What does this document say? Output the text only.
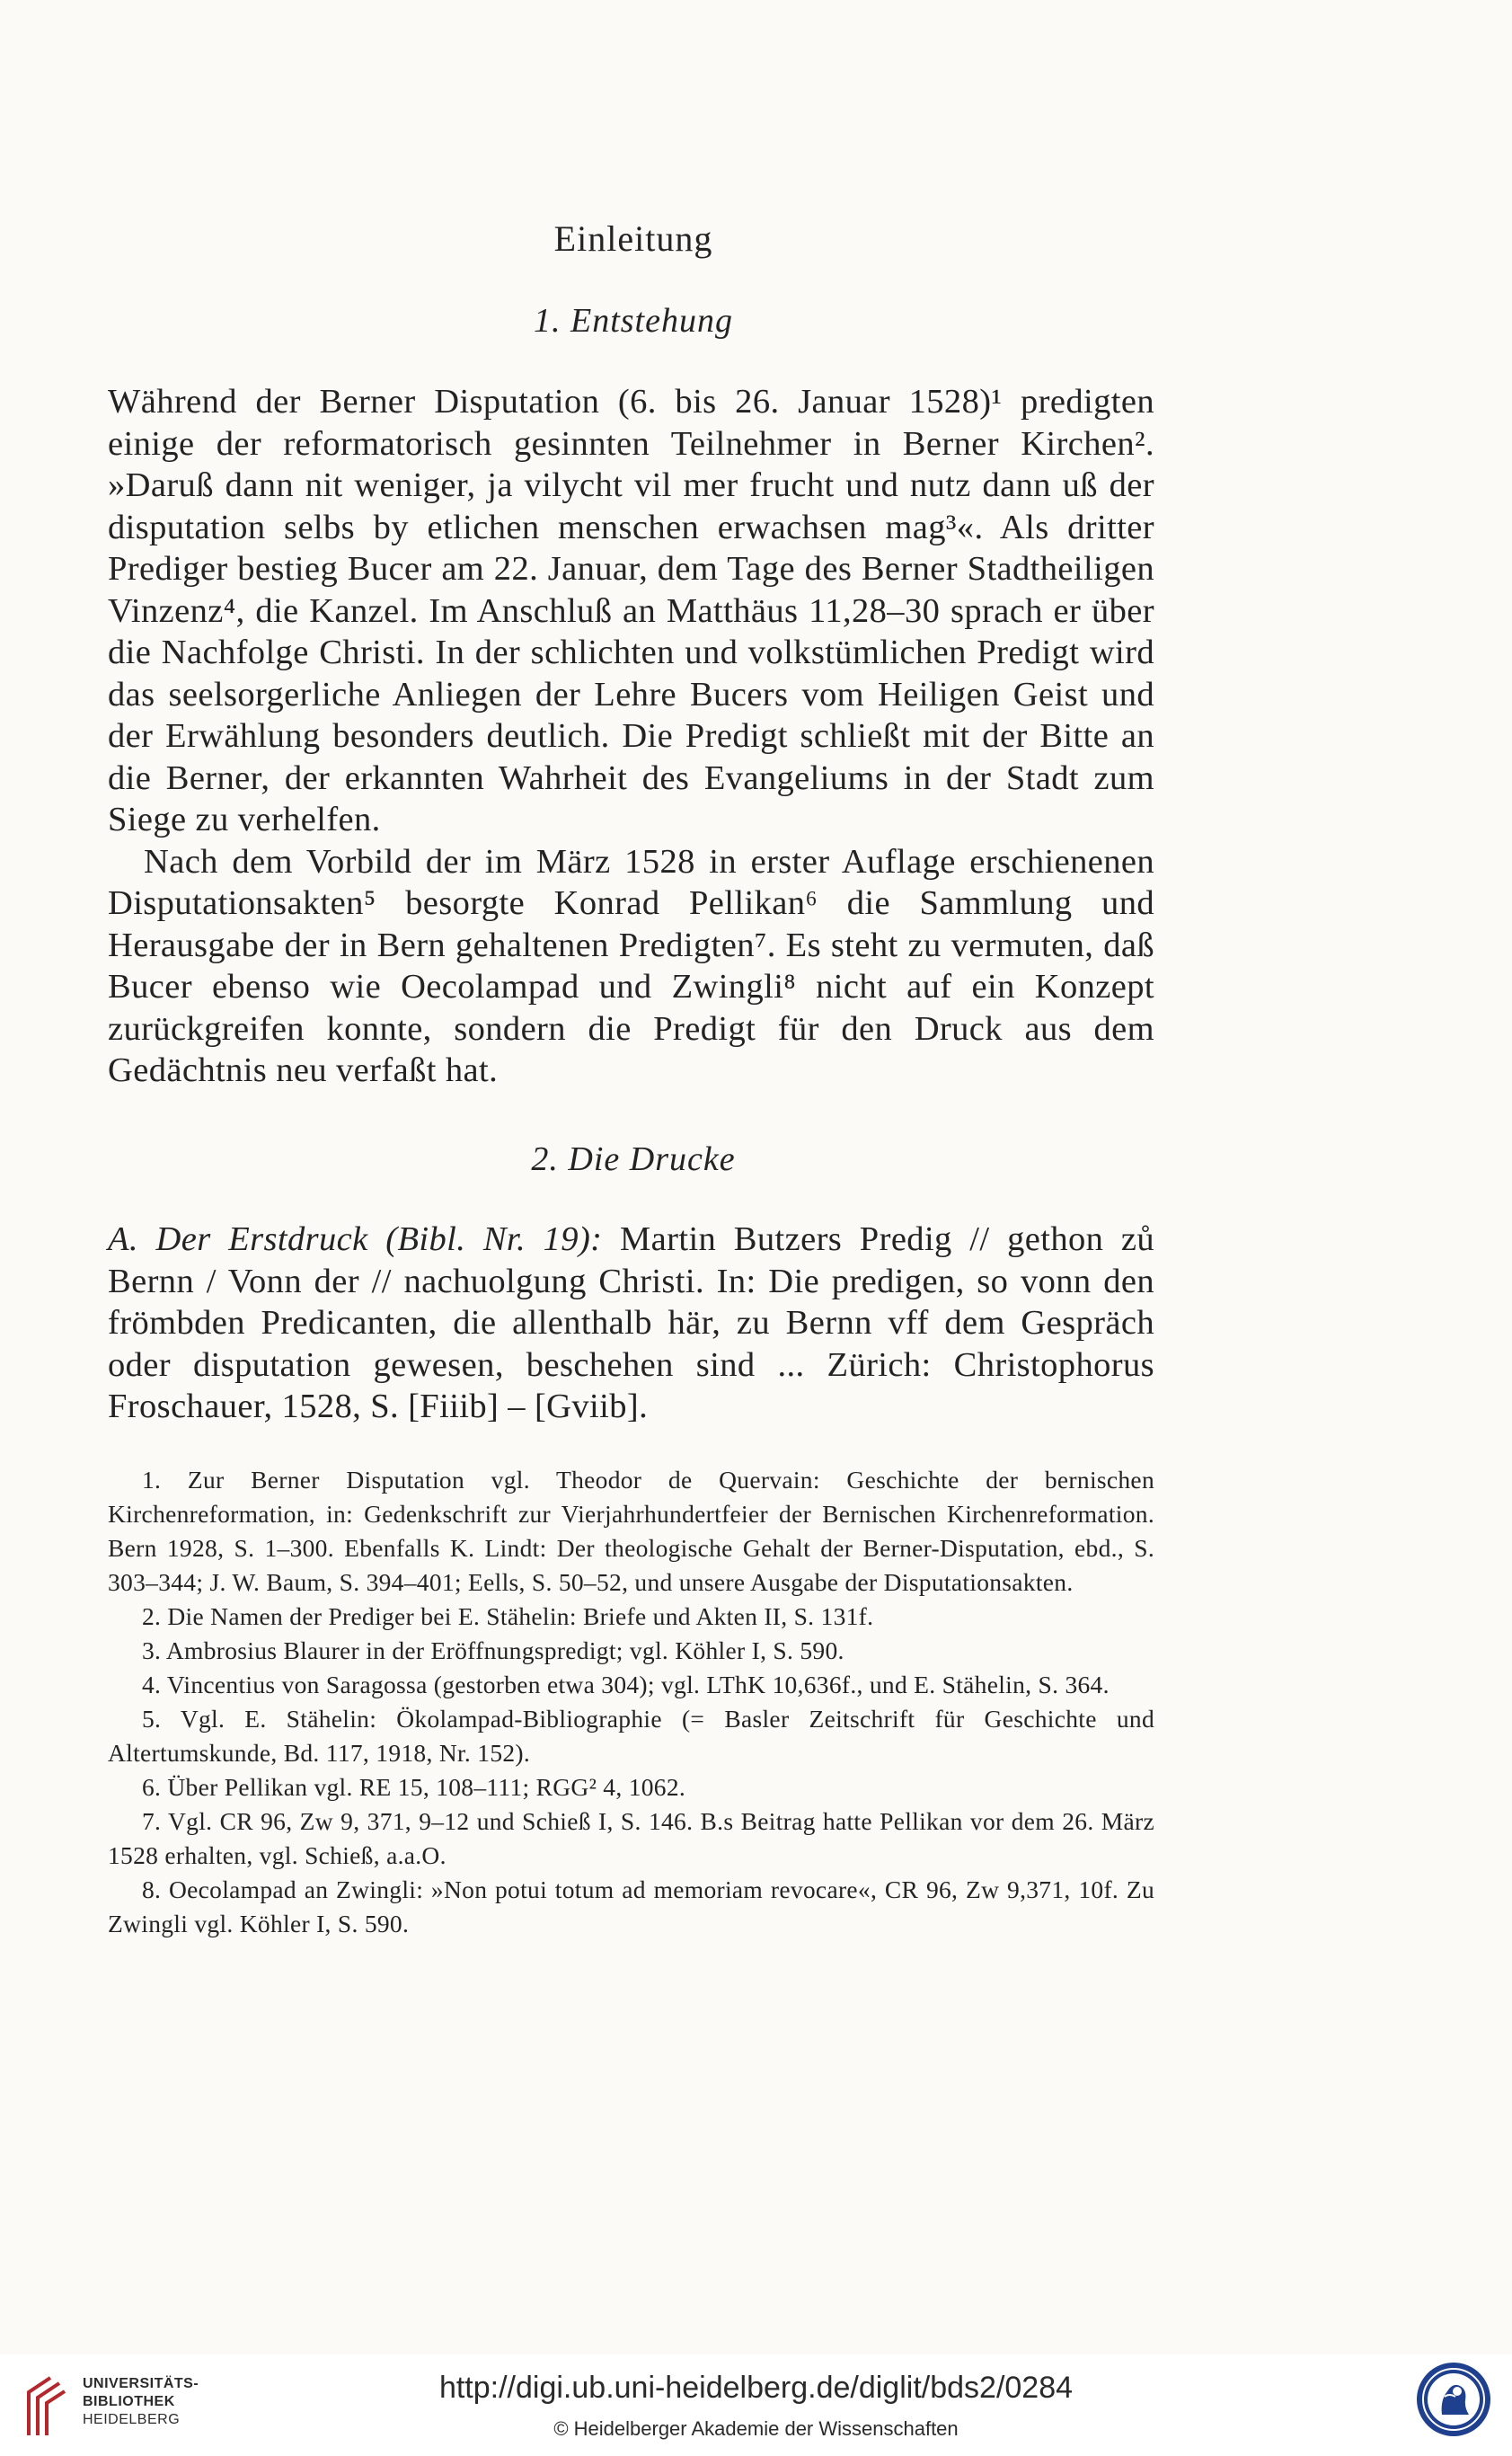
Einleitung
1. Entstehung

Während der Berner Disputation (6. bis 26. Januar 1528)¹ predigten einige der reformatorisch gesinnten Teilnehmer in Berner Kirchen². »Daruß dann nit weniger, ja vilycht vil mer frucht und nutz dann uß der disputation selbs by etlichen menschen erwachsen mag³«. Als dritter Prediger bestieg Bucer am 22. Januar, dem Tage des Berner Stadtheiligen Vinzenz⁴, die Kanzel. Im Anschluß an Matthäus 11,28–30 sprach er über die Nachfolge Christi. In der schlichten und volkstümlichen Predigt wird das seelsorgerliche Anliegen der Lehre Bucers vom Heiligen Geist und der Erwählung besonders deutlich. Die Predigt schließt mit der Bitte an die Berner, der erkannten Wahrheit des Evangeliums in der Stadt zum Siege zu verhelfen.

Nach dem Vorbild der im März 1528 in erster Auflage erschienenen Disputationsakten⁵ besorgte Konrad Pellikan⁶ die Sammlung und Herausgabe der in Bern gehaltenen Predigten⁷. Es steht zu vermuten, daß Bucer ebenso wie Oecolampad und Zwingli⁸ nicht auf ein Konzept zurückgreifen konnte, sondern die Predigt für den Druck aus dem Gedächtnis neu verfaßt hat.

2. Die Drucke

A. Der Erstdruck (Bibl. Nr. 19): Martin Butzers Predig // gethon zů Bernn / Vonn der // nachuolgung Christi. In: Die predigen, so vonn den frömbden Predicanten, die allenthalb här, zu Bernn vff dem Gespräch oder disputation gewesen, beschehen sind ... Zürich: Christophorus Froschauer, 1528, S. [Fiiib] – [Gviib].

1. Zur Berner Disputation vgl. Theodor de Quervain: Geschichte der bernischen Kirchenreformation, in: Gedenkschrift zur Vierjahrhundertfeier der Bernischen Kirchenreformation. Bern 1928, S. 1–300. Ebenfalls K. Lindt: Der theologische Gehalt der Berner-Disputation, ebd., S. 303–344; J. W. Baum, S. 394–401; Eells, S. 50–52, und unsere Ausgabe der Disputationsakten.

2. Die Namen der Prediger bei E. Stähelin: Briefe und Akten II, S. 131f.

3. Ambrosius Blaurer in der Eröffnungspredigt; vgl. Köhler I, S. 590.

4. Vincentius von Saragossa (gestorben etwa 304); vgl. LThK 10,636f., und E. Stähelin, S. 364.

5. Vgl. E. Stähelin: Ökolampad-Bibliographie (= Basler Zeitschrift für Geschichte und Altertumskunde, Bd. 117, 1918, Nr. 152).

6. Über Pellikan vgl. RE 15, 108–111; RGG² 4, 1062.

7. Vgl. CR 96, Zw 9, 371, 9–12 und Schieß I, S. 146. B.s Beitrag hatte Pellikan vor dem 26. März 1528 erhalten, vgl. Schieß, a.a.O.

8. Oecolampad an Zwingli: »Non potui totum ad memoriam revocare«, CR 96, Zw 9,371, 10f. Zu Zwingli vgl. Köhler I, S. 590.

UNIVERSITÄTS-
BIBLIOTHEK
HEIDELBERG
http://digi.ub.uni-heidelberg.de/diglit/bds2/0284
© Heidelberger Akademie der Wissenschaften
